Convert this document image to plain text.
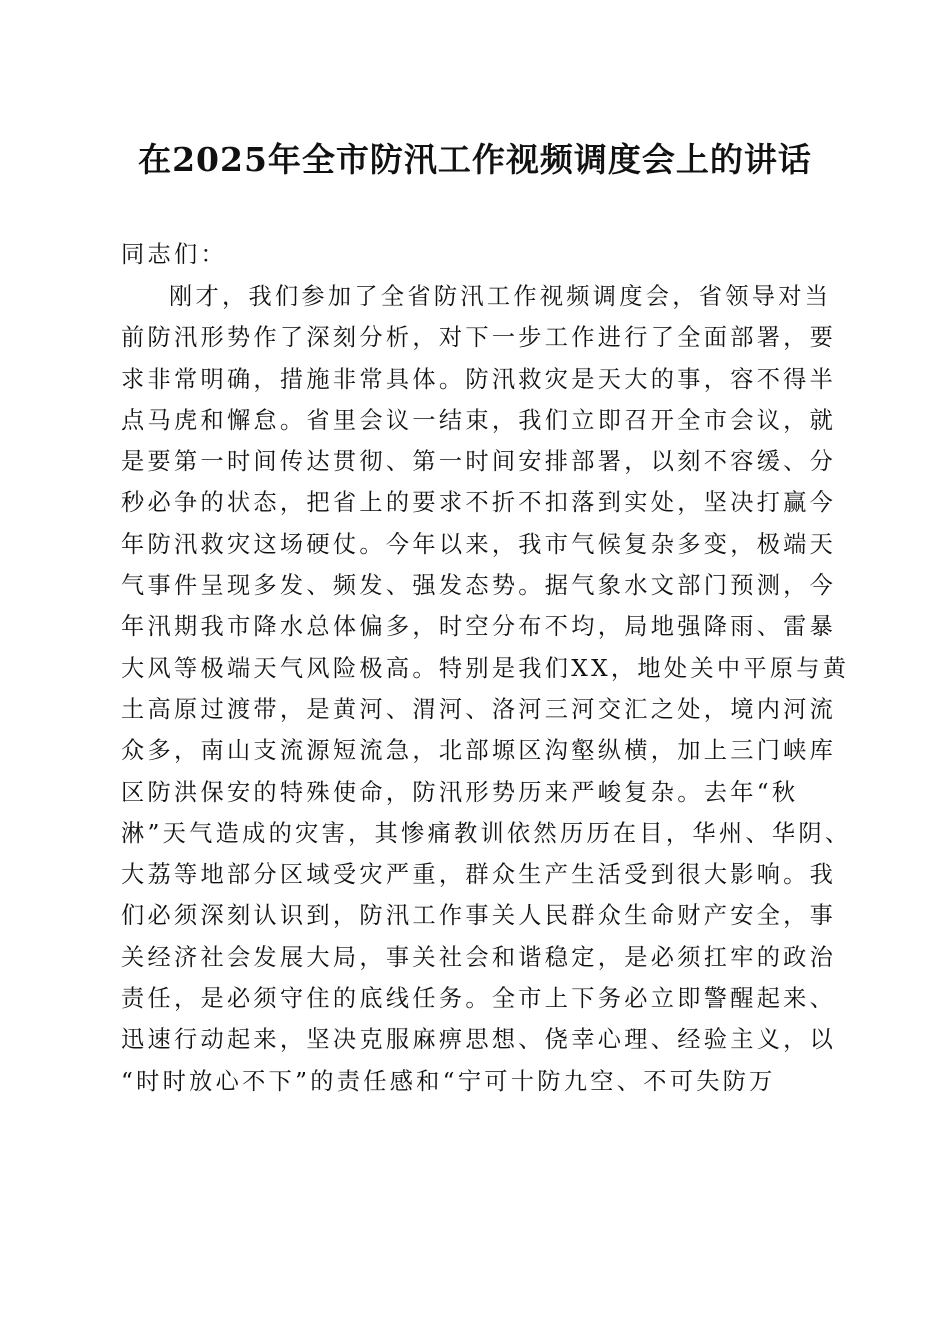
在2025年全市防汛工作视频调度会上的讲话
同志们：
刚才，我们参加了全省防汛工作视频调度会，省领导对当
前防汛形势作了深刻分析，对下一步工作进行了全面部署，要
求非常明确，措施非常具体。防汛救灾是天大的事，容不得半
点马虎和懈怠。省里会议一结束，我们立即召开全市会议，就
是要第一时间传达贯彻、第一时间安排部署，以刻不容缓、分
秒必争的状态，把省上的要求不折不扣落到实处，坚决打赢今
年防汛救灾这场硬仗。今年以来，我市气候复杂多变，极端天
气事件呈现多发、频发、强发态势。据气象水文部门预测，今
年汛期我市降水总体偏多，时空分布不均，局地强降雨、雷暴
大风等极端天气风险极高。特别是我们XX，地处关中平原与黄
土高原过渡带，是黄河、渭河、洛河三河交汇之处，境内河流
众多，南山支流源短流急，北部塬区沟壑纵横，加上三门峡库
区防洪保安的特殊使命，防汛形势历来严峻复杂。去年“秋
淋”天气造成的灾害，其惨痛教训依然历历在目，华州、华阴、
大荔等地部分区域受灾严重，群众生产生活受到很大影响。我
们必须深刻认识到，防汛工作事关人民群众生命财产安全，事
关经济社会发展大局，事关社会和谐稳定，是必须扛牢的政治
责任，是必须守住的底线任务。全市上下务必立即警醒起来、
迅速行动起来，坚决克服麻痹思想、侥幸心理、经验主义，以
“时时放心不下”的责任感和“宁可十防九空、不可失防万
